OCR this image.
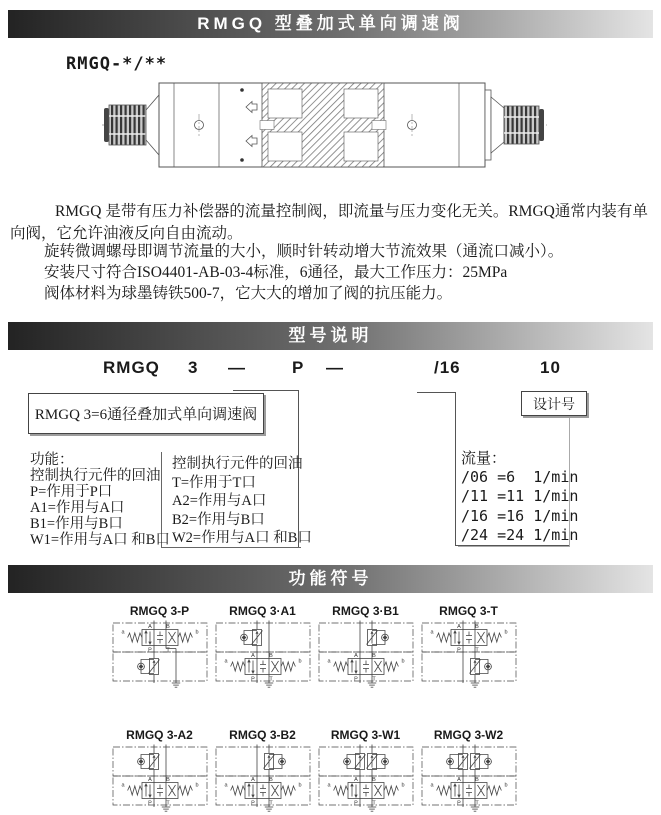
RMGQ 型叠加式单向调速阀
RMGQ-*/**
RMGQ 是带有压力补偿器的流量控制阀，即流量与压力变化无关。RMGQ通常内装有单向阀，它允许油液反向自由流动。
旋转微调螺母即调节流量的大小，顺时针转动增大节流效果（通流口减小）。
安装尺寸符合ISO4401-AB-03-4标准，6通径，最大工作压力：25MPa
阀体材料为球墨铸铁500-7，它大大的增加了阀的抗压能力。
型号说明
RMGQ 3 —	P —	/16	10
RMGQ 3=6通径叠加式单向调速阀
设计号
功能：
控制执行元件的回油
P=作用于P口
A1=作用与A口
B1=作用与B口
W1=作用与A口 和B口
控制执行元件的回油
T=作用于T口
A2=作用与A口
B2=作用与B口
W2=作用与A口 和B口
流量：
/06 =6  1/min
/11 =11 1/min
/16 =16 1/min
/24 =24 1/min
功能符号
RMGQ 3-P
a	b
A	B
P	T
RMGQ 3·A1
a	b
A	B
P	T
RMGQ 3·B1
a	b
A	B
P	T
RMGQ 3-T
a	b
A	B
P	T
RMGQ 3-A2
a	b
A	B
P	T
RMGQ 3-B2
a	b
A	B
P	T
RMGQ 3-W1
a	b
A	B
P	T
RMGQ 3-W2
a	b
A	B
P	T
